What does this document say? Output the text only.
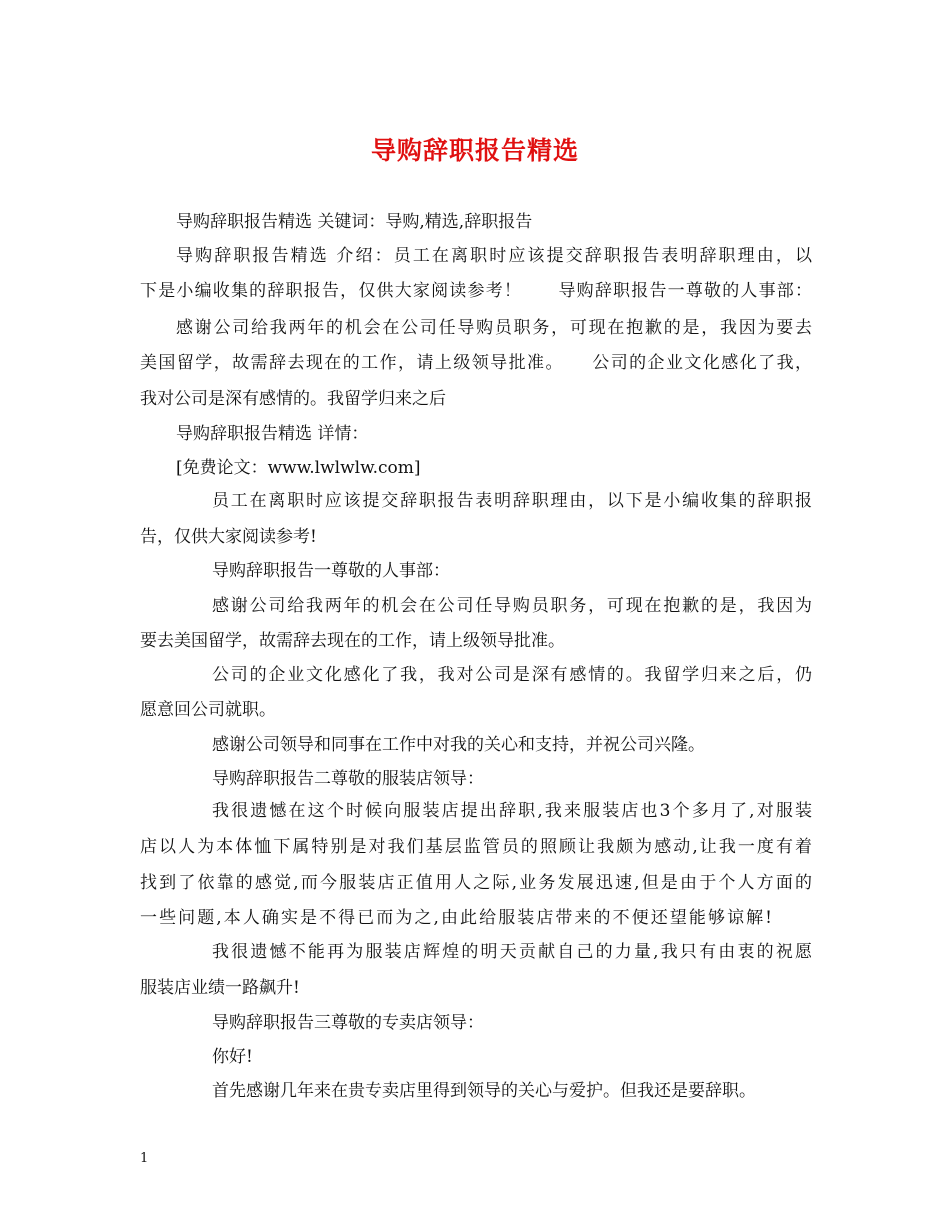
导购辞职报告精选
导购辞职报告精选 关键词：导购,精选,辞职报告
导购辞职报告精选 介绍：员工在离职时应该提交辞职报告表明辞职理由，以
下是小编收集的辞职报告，仅供大家阅读参考！　　导购辞职报告一尊敬的人事部：
感谢公司给我两年的机会在公司任导购员职务，可现在抱歉的是，我因为要去
美国留学，故需辞去现在的工作，请上级领导批准。　　公司的企业文化感化了我，
我对公司是深有感情的。我留学归来之后
导购辞职报告精选 详情：
[免费论文：www.lwlwlw.com]
员工在离职时应该提交辞职报告表明辞职理由，以下是小编收集的辞职报
告，仅供大家阅读参考!
导购辞职报告一尊敬的人事部：
感谢公司给我两年的机会在公司任导购员职务，可现在抱歉的是，我因为
要去美国留学，故需辞去现在的工作，请上级领导批准。
公司的企业文化感化了我，我对公司是深有感情的。我留学归来之后，仍
愿意回公司就职。
感谢公司领导和同事在工作中对我的关心和支持，并祝公司兴隆。
导购辞职报告二尊敬的服装店领导：
我很遗憾在这个时候向服装店提出辞职,我来服装店也3个多月了,对服装
店以人为本体恤下属特别是对我们基层监管员的照顾让我颇为感动,让我一度有着
找到了依靠的感觉,而今服装店正值用人之际,业务发展迅速,但是由于个人方面的
一些问题,本人确实是不得已而为之,由此给服装店带来的不便还望能够谅解!
我很遗憾不能再为服装店辉煌的明天贡献自己的力量,我只有由衷的祝愿
服装店业绩一路飙升!
导购辞职报告三尊敬的专卖店领导：
你好!
首先感谢几年来在贵专卖店里得到领导的关心与爱护。但我还是要辞职。
1
